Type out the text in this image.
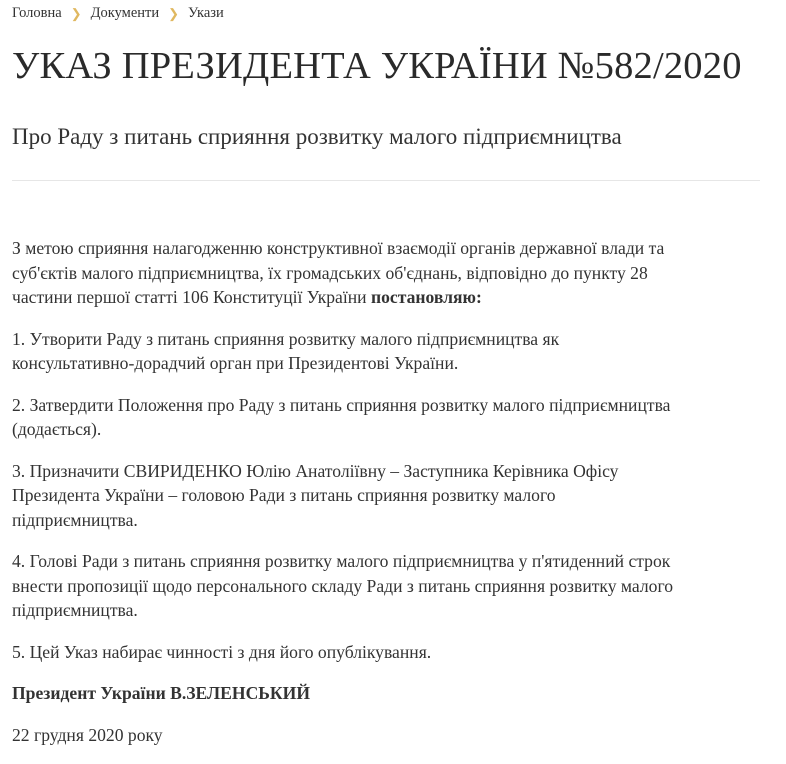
Головна ❯ Документи ❯ Укази
УКАЗ ПРЕЗИДЕНТА УКРАЇНИ №582/2020
Про Раду з питань сприяння розвитку малого підприємництва

З метою сприяння налагодженню конструктивної взаємодії органів державної влади та
суб'єктів малого підприємництва, їх громадських об'єднань, відповідно до пункту 28
частини першої статті 106 Конституції України постановляю:

1. Утворити Раду з питань сприяння розвитку малого підприємництва як
консультативно-дорадчий орган при Президентові України.

2. Затвердити Положення про Раду з питань сприяння розвитку малого підприємництва
(додається).

3. Призначити СВИРИДЕНКО Юлію Анатоліївну – Заступника Керівника Офісу
Президента України – головою Ради з питань сприяння розвитку малого
підприємництва.

4. Голові Ради з питань сприяння розвитку малого підприємництва у п'ятиденний строк
внести пропозиції щодо персонального складу Ради з питань сприяння розвитку малого
підприємництва.

5. Цей Указ набирає чинності з дня його опублікування.

Президент України В.ЗЕЛЕНСЬКИЙ

22 грудня 2020 року
